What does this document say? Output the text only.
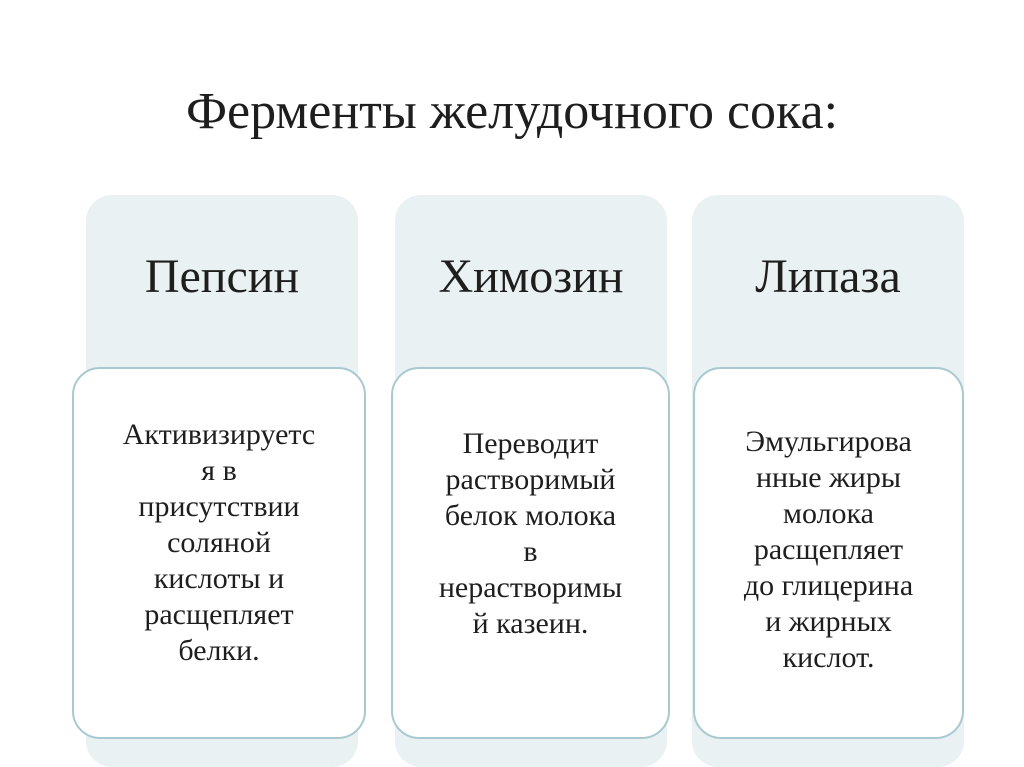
Ферменты желудочного сока:
Пепсин	Химозин	Липаза
Активизируетс
я в
присутствии
соляной
кислоты и
расщепляет
белки.
Переводит
растворимый
белок молока
в
нерастворимы
й казеин.
Эмульгирова
нные жиры
молока
расщепляет
до глицерина
и жирных
кислот.
